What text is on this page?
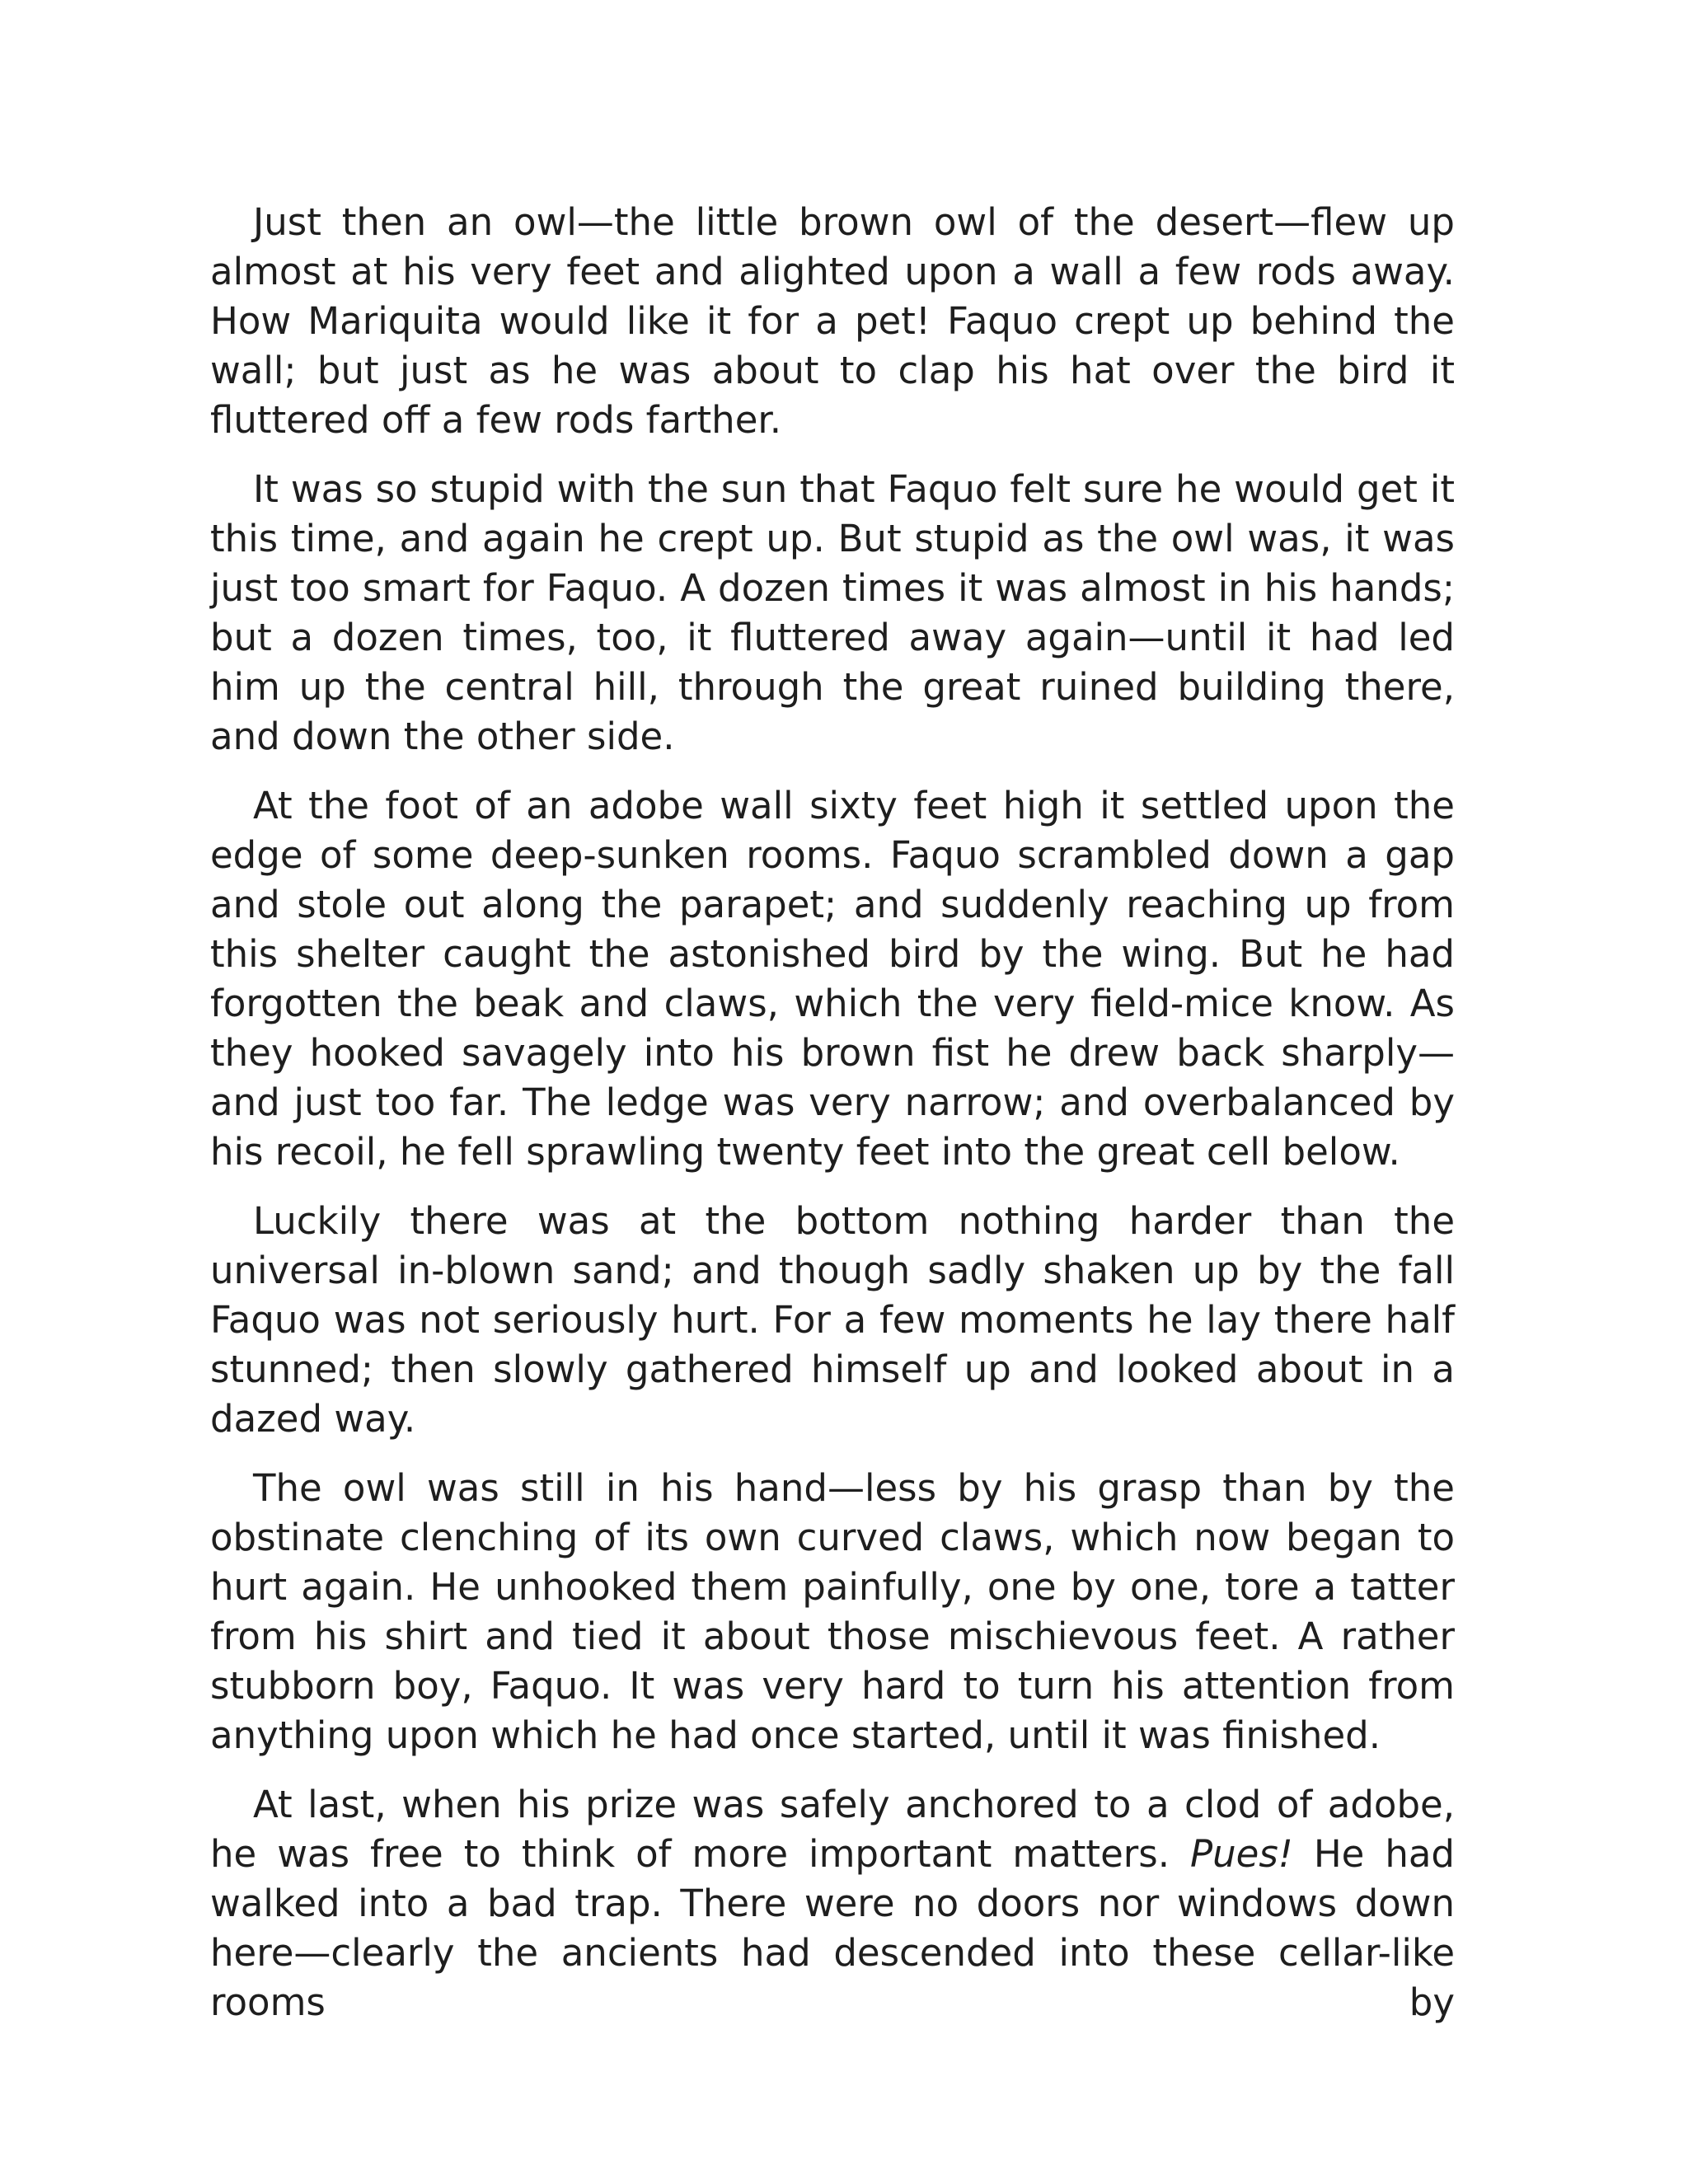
Just then an owl—the little brown owl of the desert—flew up almost at his very feet and alighted upon a wall a few rods away. How Mariquita would like it for a pet! Faquo crept up behind the wall; but just as he was about to clap his hat over the bird it fluttered off a few rods farther.

It was so stupid with the sun that Faquo felt sure he would get it this time, and again he crept up. But stupid as the owl was, it was just too smart for Faquo. A dozen times it was almost in his hands; but a dozen times, too, it fluttered away again—until it had led him up the central hill, through the great ruined building there, and down the other side.

At the foot of an adobe wall sixty feet high it settled upon the edge of some deep-sunken rooms. Faquo scrambled down a gap and stole out along the parapet; and suddenly reaching up from this shelter caught the astonished bird by the wing. But he had forgotten the beak and claws, which the very field-mice know. As they hooked savagely into his brown fist he drew back sharply—and just too far. The ledge was very narrow; and overbalanced by his recoil, he fell sprawling twenty feet into the great cell below.

Luckily there was at the bottom nothing harder than the universal in-blown sand; and though sadly shaken up by the fall Faquo was not seriously hurt. For a few moments he lay there half stunned; then slowly gathered himself up and looked about in a dazed way.

The owl was still in his hand—less by his grasp than by the obstinate clenching of its own curved claws, which now began to hurt again. He unhooked them painfully, one by one, tore a tatter from his shirt and tied it about those mischievous feet. A rather stubborn boy, Faquo. It was very hard to turn his attention from anything upon which he had once started, until it was finished.

At last, when his prize was safely anchored to a clod of adobe, he was free to think of more important matters. Pues! He had walked into a bad trap. There were no doors nor windows down here—clearly the ancients had descended into these cellar-like rooms by
